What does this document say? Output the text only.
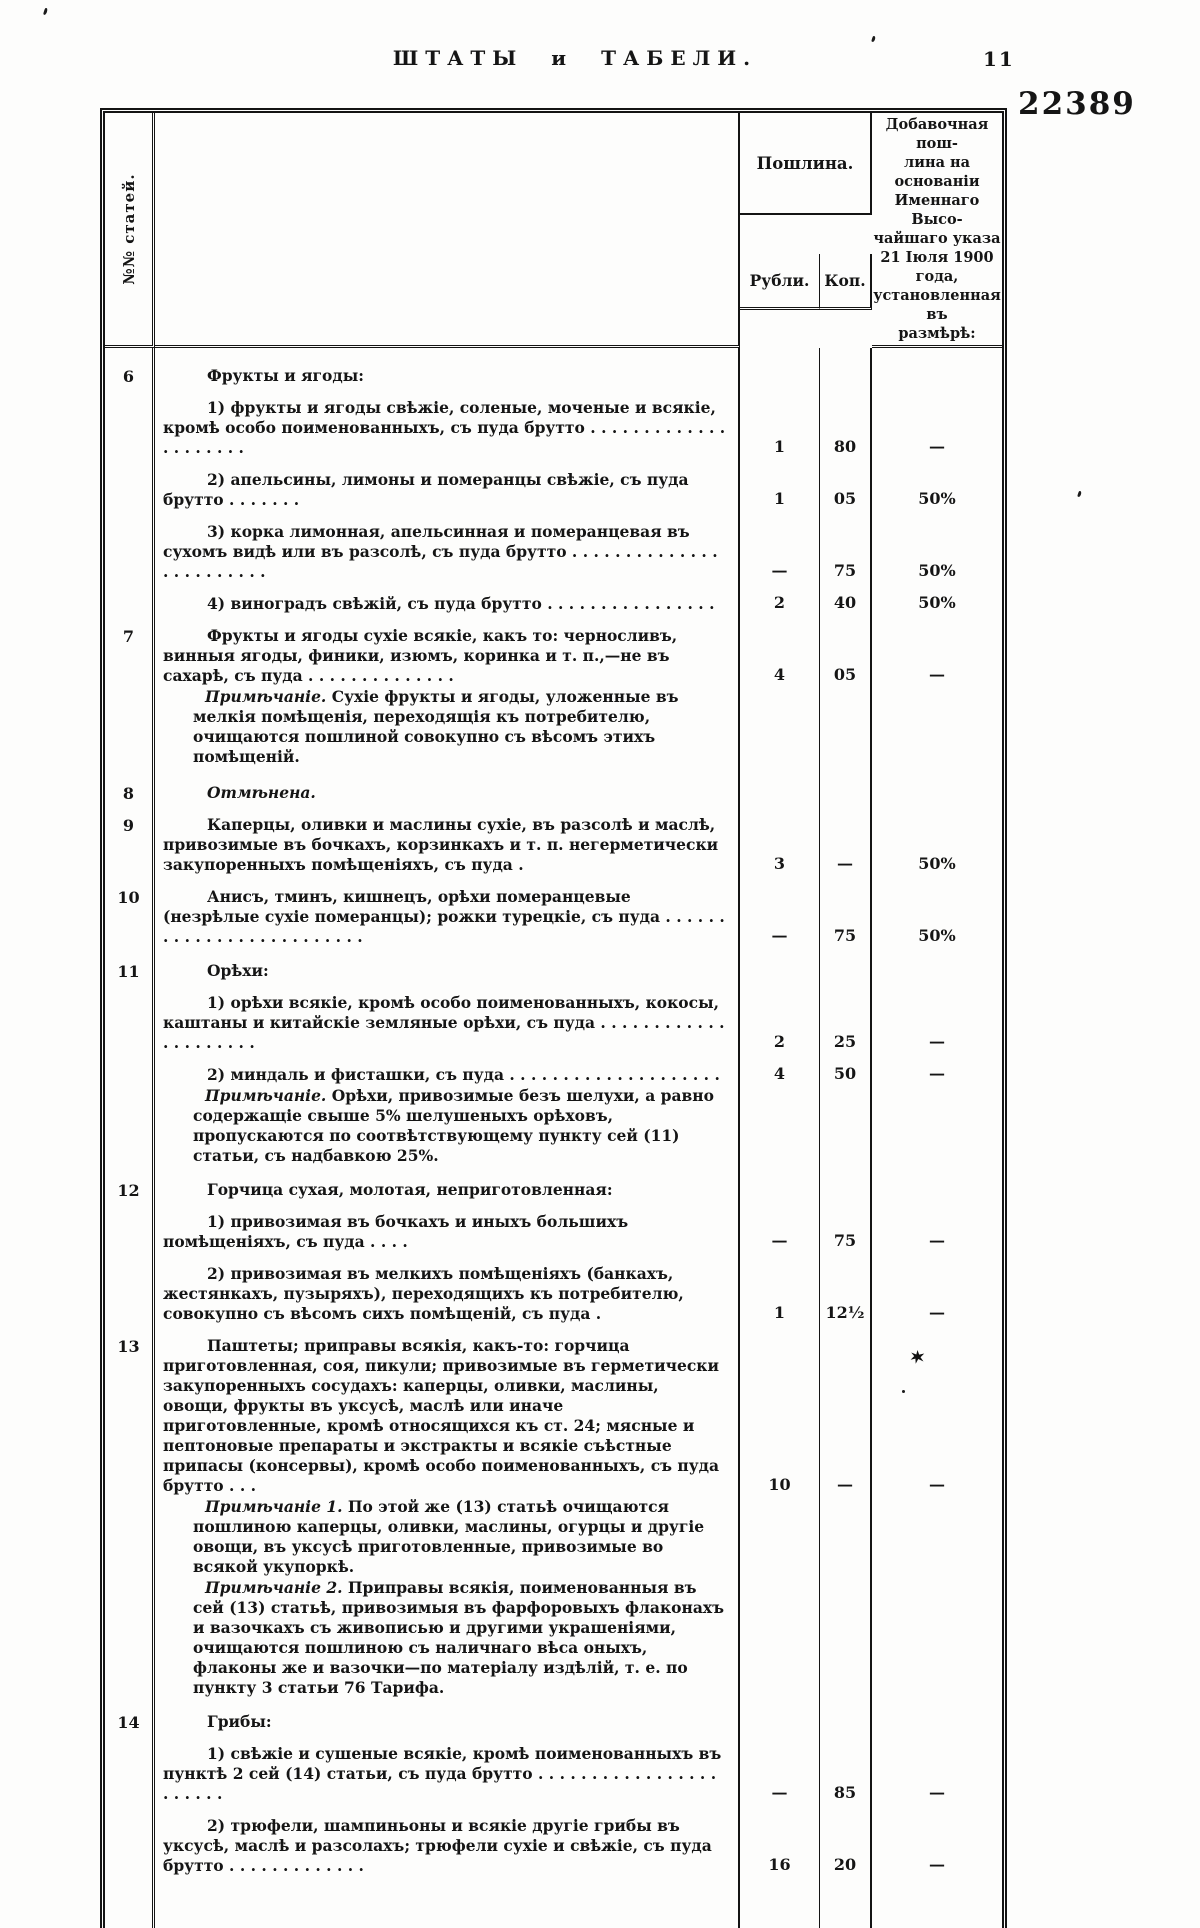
ШТАТЫ и ТАБЕЛИ.	11
22389
№№ статей.
Пошлина.
Добавочная пош-
лина на основаніи
Именнаго Высо-
чайшаго указа
21 Іюля 1900 года,
установленная въ
размѣрѣ:
Рубли. Коп.
6	Фрукты и ягоды:

1) фрукты и ягоды свѣжіе, соленые, моченые и всякіе, кромѣ особо поименованныхъ, съ пуда брутто . . . . . . . . . . . . . . . . . . . . .	1	80	—

2) апельсины, лимоны и померанцы свѣжіе, съ пуда брутто . . . . . . .	1	05	50%

3) корка лимонная, апельсинная и померанцевая въ сухомъ видѣ или въ разсолѣ, съ пуда брутто . . . . . . . . . . . . . . . . . . . . . . . .	—	75	50%

4) виноградъ свѣжій, съ пуда брутто . . . . . . . . . . . . . . . .	2	40	50%
7	Фрукты и ягоды сухіе всякіе, какъ то: черносливъ, винныя ягоды, финики, изюмъ, коринка и т. п.,—не въ сахарѣ, съ пуда . . . . . . . . . . . . . .	4	05	—

Примѣчаніе. Сухіе фрукты и ягоды, уложенные въ мелкія помѣщенія, переходящія къ потребителю, очищаются пошлиной совокупно съ вѣсомъ этихъ помѣщеній.

8	Отмѣнена.

9	Каперцы, оливки и маслины сухіе, въ разсолѣ и маслѣ, привозимые въ бочкахъ, корзинкахъ и т. п. негерметически закупоренныхъ помѣщеніяхъ, съ пуда .	3	—	50%
10	Анисъ, тминъ, кишнецъ, орѣхи померанцевые (незрѣлые сухіе померанцы); рожки турецкіе, съ пуда . . . . . . . . . . . . . . . . . . . . . . . . .	—	75	50%
11	Орѣхи:

1) орѣхи всякіе, кромѣ особо поименованныхъ, кокосы, каштаны и китайскіе земляные орѣхи, съ пуда . . . . . . . . . . . . . . . . . . . . .	2	25	—

2) миндаль и фисташки, съ пуда . . . . . . . . . . . . . . . . . . . .	4	50	—

Примѣчаніе. Орѣхи, привозимые безъ шелухи, а равно содержащіе свыше 5% шелушеныхъ орѣховъ, пропускаются по соотвѣтствующему пункту сей (11) статьи, съ надбавкою 25%.

12	Горчица сухая, молотая, неприготовленная:

1) привозимая въ бочкахъ и иныхъ большихъ помѣщеніяхъ, съ пуда . . . .	—	75	—

2) привозимая въ мелкихъ помѣщеніяхъ (банкахъ, жестянкахъ, пузыряхъ), переходящихъ къ потребителю, совокупно съ вѣсомъ сихъ помѣщеній, съ пуда .	1	12½	—
13	Паштеты; приправы всякія, какъ-то: горчица приготовленная, соя, пикули; привозимые въ герметически закупоренныхъ сосудахъ: каперцы, оливки, маслины, овощи, фрукты въ уксусѣ, маслѣ или иначе приготовленные, кромѣ относящихся къ ст. 24; мясные и пептоновые препараты и экстракты и всякіе съѣстные припасы (консервы), кромѣ особо поименованныхъ, съ пуда брутто . . .	10	—	—

Примѣчаніе 1. По этой же (13) статьѣ очищаются пошлиною каперцы, оливки, маслины, огурцы и другіе овощи, въ уксусѣ приготовленные, привозимые во всякой укупоркѣ.

Примѣчаніе 2. Приправы всякія, поименованныя въ сей (13) статьѣ, привозимыя въ фарфоровыхъ флаконахъ и вазочкахъ съ живописью и другими украшеніями, очищаются пошлиною съ наличнаго вѣса оныхъ, флаконы же и вазочки—по матеріалу издѣлій, т. е. по пункту 3 статьи 76 Тарифа.

14	Грибы:

1) свѣжіе и сушеные всякіе, кромѣ поименованныхъ въ пунктѣ 2 сей (14) статьи, съ пуда брутто . . . . . . . . . . . . . . . . . . . . . . .	—	85	—

2) трюфели, шампиньоны и всякіе другіе грибы въ уксусѣ, маслѣ и разсолахъ; трюфели сухіе и свѣжіе, съ пуда брутто . . . . . . . . . . . . .	16	20	—
